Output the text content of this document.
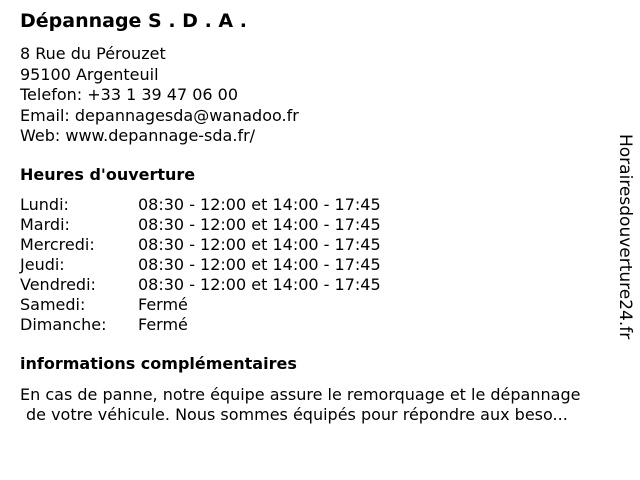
Dépannage S . D . A .
8 Rue du Pérouzet
95100 Argenteuil
Telefon: +33 1 39 47 06 00
Email: depannagesda@wanadoo.fr
Web: www.depannage-sda.fr/
Heures d'ouverture
Lundi:	08:30 - 12:00 et 14:00 - 17:45
Mardi:	08:30 - 12:00 et 14:00 - 17:45
Mercredi:	08:30 - 12:00 et 14:00 - 17:45
Jeudi:	08:30 - 12:00 et 14:00 - 17:45
Vendredi:	08:30 - 12:00 et 14:00 - 17:45
Samedi:	Fermé
Dimanche:	Fermé
informations complémentaires
En cas de panne, notre équipe assure le remorquage et le dépannage
de votre véhicule. Nous sommes équipés pour répondre aux beso...
Horairesdouverture24.fr
